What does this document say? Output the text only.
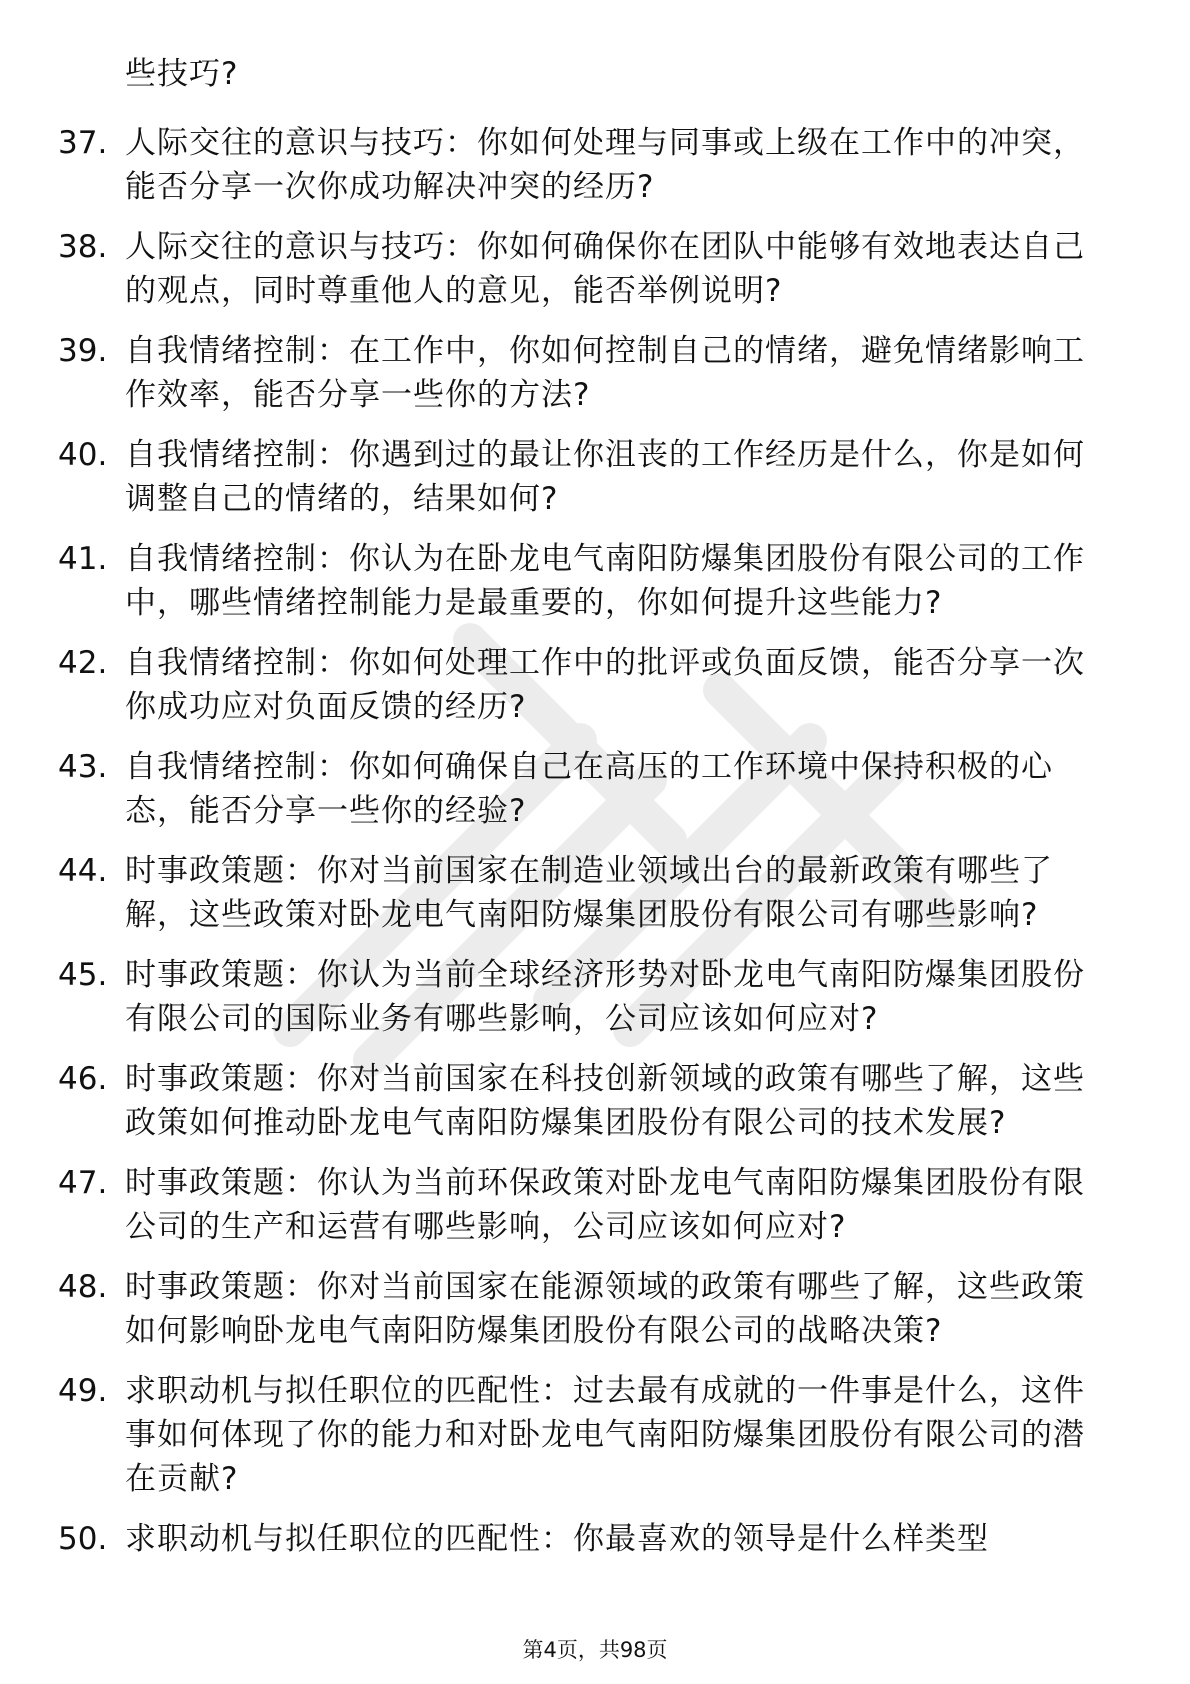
些技巧?
37. 人际交往的意识与技巧：你如何处理与同事或上级在工作中的冲突，能否分享一次你成功解决冲突的经历?
38. 人际交往的意识与技巧：你如何确保你在团队中能够有效地表达自己的观点，同时尊重他人的意见，能否举例说明?
39. 自我情绪控制：在工作中，你如何控制自己的情绪，避免情绪影响工作效率，能否分享一些你的方法?
40. 自我情绪控制：你遇到过的最让你沮丧的工作经历是什么，你是如何调整自己的情绪的，结果如何?
41. 自我情绪控制：你认为在卧龙电气南阳防爆集团股份有限公司的工作中，哪些情绪控制能力是最重要的，你如何提升这些能力?
42. 自我情绪控制：你如何处理工作中的批评或负面反馈，能否分享一次你成功应对负面反馈的经历?
43. 自我情绪控制：你如何确保自己在高压的工作环境中保持积极的心态，能否分享一些你的经验?
44. 时事政策题：你对当前国家在制造业领域出台的最新政策有哪些了解，这些政策对卧龙电气南阳防爆集团股份有限公司有哪些影响?
45. 时事政策题：你认为当前全球经济形势对卧龙电气南阳防爆集团股份有限公司的国际业务有哪些影响，公司应该如何应对?
46. 时事政策题：你对当前国家在科技创新领域的政策有哪些了解，这些政策如何推动卧龙电气南阳防爆集团股份有限公司的技术发展?
47. 时事政策题：你认为当前环保政策对卧龙电气南阳防爆集团股份有限公司的生产和运营有哪些影响，公司应该如何应对?
48. 时事政策题：你对当前国家在能源领域的政策有哪些了解，这些政策如何影响卧龙电气南阳防爆集团股份有限公司的战略决策?
49. 求职动机与拟任职位的匹配性：过去最有成就的一件事是什么，这件事如何体现了你的能力和对卧龙电气南阳防爆集团股份有限公司的潜在贡献?
50. 求职动机与拟任职位的匹配性：你最喜欢的领导是什么样类型
第4页，共98页
